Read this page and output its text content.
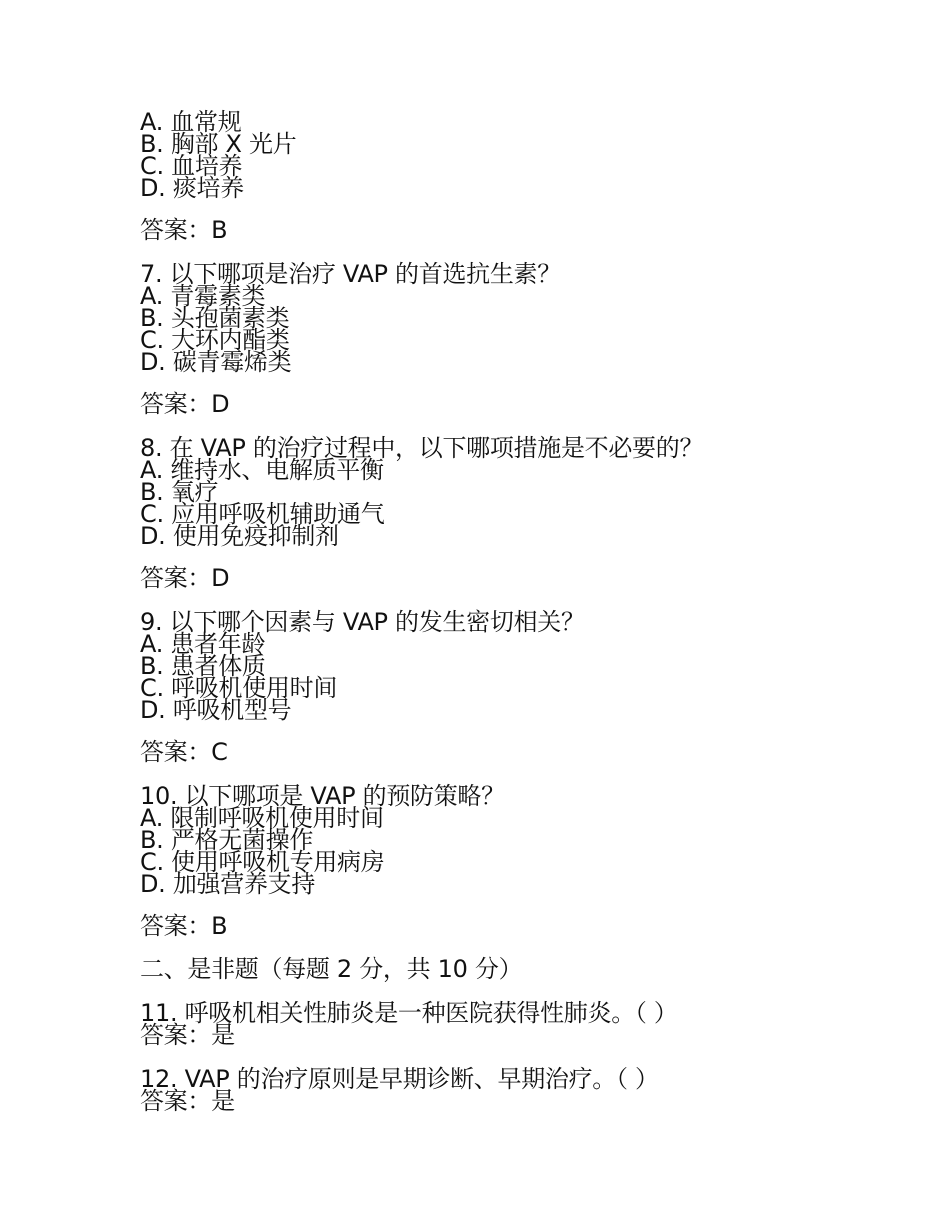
A. 血常规
B. 胸部 X 光片
C. 血培养
D. 痰培养
答案：B
7. 以下哪项是治疗 VAP 的首选抗生素？
A. 青霉素类
B. 头孢菌素类
C. 大环内酯类
D. 碳青霉烯类
答案：D
8. 在 VAP 的治疗过程中，以下哪项措施是不必要的？
A. 维持水、电解质平衡
B. 氧疗
C. 应用呼吸机辅助通气
D. 使用免疫抑制剂
答案：D
9. 以下哪个因素与 VAP 的发生密切相关？
A. 患者年龄
B. 患者体质
C. 呼吸机使用时间
D. 呼吸机型号
答案：C
10. 以下哪项是 VAP 的预防策略？
A. 限制呼吸机使用时间
B. 严格无菌操作
C. 使用呼吸机专用病房
D. 加强营养支持
答案：B
二、是非题（每题 2 分，共 10 分）
11. 呼吸机相关性肺炎是一种医院获得性肺炎。（ ）
答案：是
12. VAP 的治疗原则是早期诊断、早期治疗。（ ）
答案：是
